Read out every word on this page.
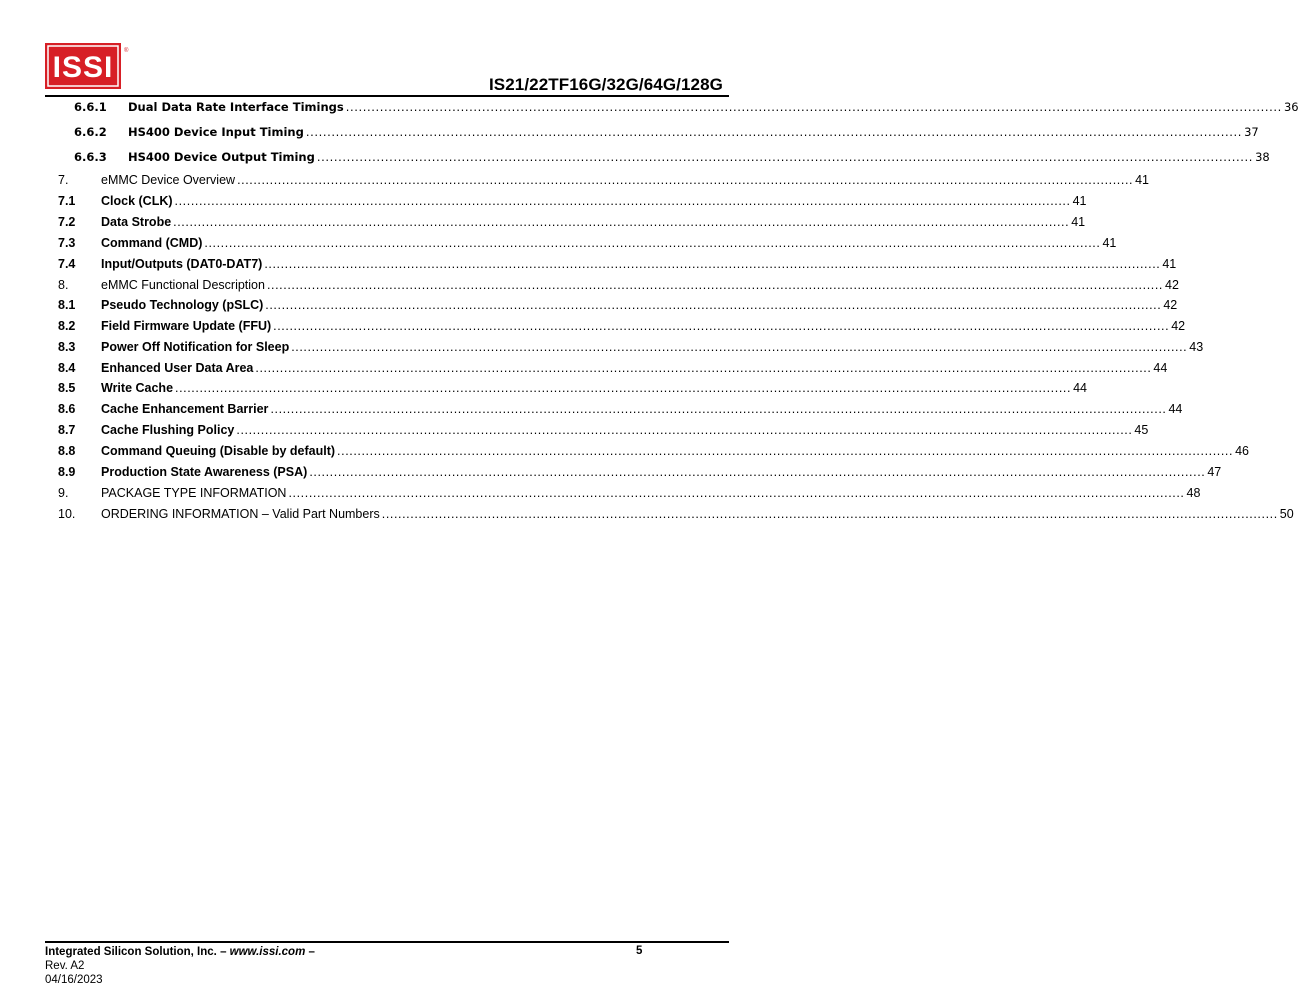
ISSI ®
IS21/22TF16G/32G/64G/128G
6.6.1 Dual Data Rate Interface Timings ............................................................................................................................................................................................................................ 36
6.6.2 HS400 Device Input Timing ............................................................................................................................................................................................................................ 37
6.6.3 HS400 Device Output Timing ............................................................................................................................................................................................................................ 38
7.	eMMC Device Overview ............................................................................................................................................................................................................................ 41
7.1 Clock (CLK) ............................................................................................................................................................................................................................ 41
7.2 Data Strobe ............................................................................................................................................................................................................................ 41
7.3 Command (CMD) ............................................................................................................................................................................................................................ 41
7.4 Input/Outputs (DAT0-DAT7) ............................................................................................................................................................................................................................ 41
8.	eMMC Functional Description ............................................................................................................................................................................................................................ 42
8.1 Pseudo Technology (pSLC) ............................................................................................................................................................................................................................ 42
8.2 Field Firmware Update (FFU) ............................................................................................................................................................................................................................ 42
8.3 Power Off Notification for Sleep ............................................................................................................................................................................................................................ 43
8.4 Enhanced User Data Area ............................................................................................................................................................................................................................ 44
8.5 Write Cache ............................................................................................................................................................................................................................ 44
8.6 Cache Enhancement Barrier ............................................................................................................................................................................................................................ 44
8.7 Cache Flushing Policy ............................................................................................................................................................................................................................ 45
8.8 Command Queuing (Disable by default) ............................................................................................................................................................................................................................ 46
8.9 Production State Awareness (PSA) ............................................................................................................................................................................................................................ 47
9.	PACKAGE TYPE INFORMATION ............................................................................................................................................................................................................................ 48
10. ORDERING INFORMATION – Valid Part Numbers ............................................................................................................................................................................................................................ 50
Integrated Silicon Solution, Inc. – www.issi.com –
Rev. A2
04/16/2023
5
